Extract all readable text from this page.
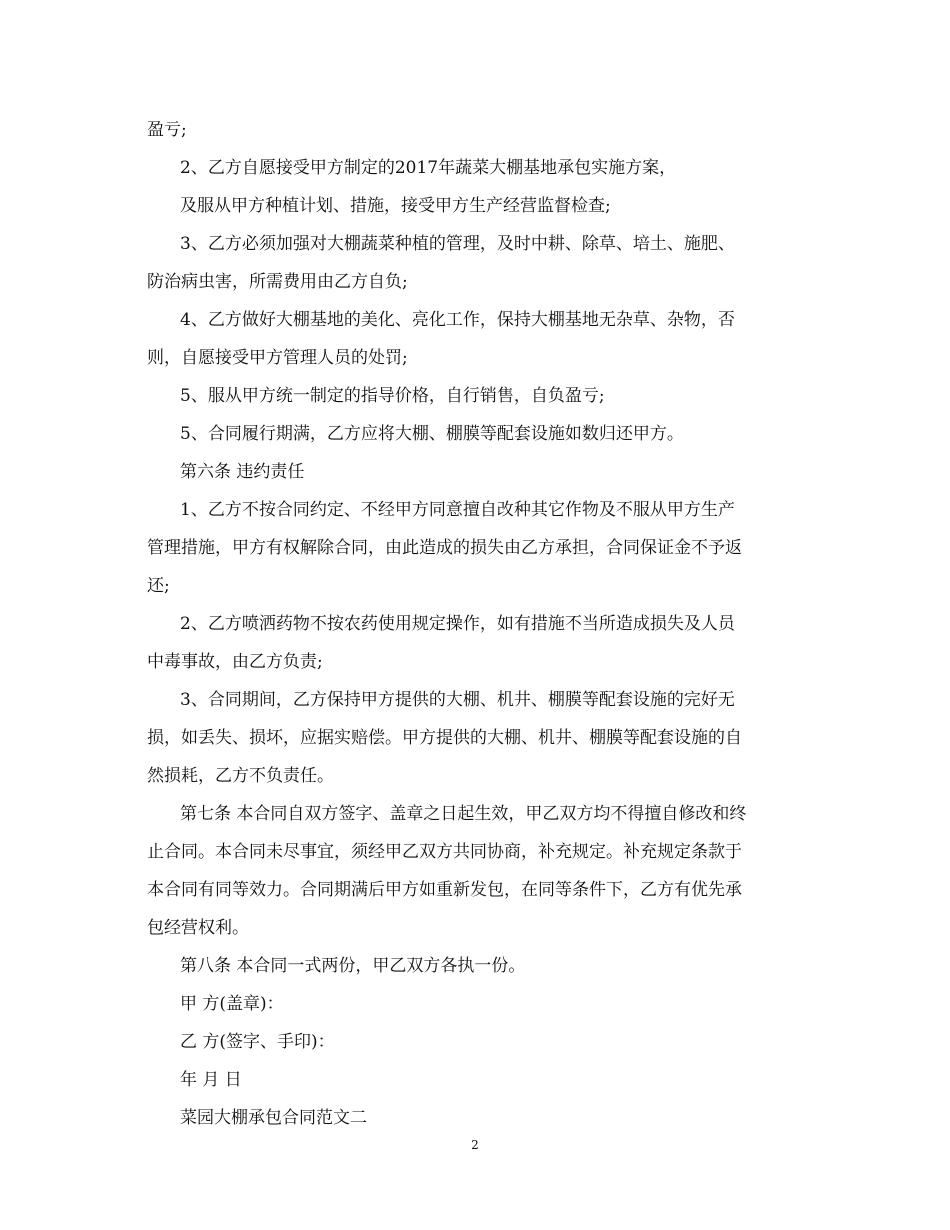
盈亏;
2、乙方自愿接受甲方制定的2017年蔬菜大棚基地承包实施方案，
及服从甲方种植计划、措施，接受甲方生产经营监督检查;
3、乙方必须加强对大棚蔬菜种植的管理，及时中耕、除草、培土、施肥、
防治病虫害，所需费用由乙方自负;
4、乙方做好大棚基地的美化、亮化工作，保持大棚基地无杂草、杂物，否
则，自愿接受甲方管理人员的处罚;
5、服从甲方统一制定的指导价格，自行销售，自负盈亏;
5、合同履行期满，乙方应将大棚、棚膜等配套设施如数归还甲方。
第六条 违约责任
1、乙方不按合同约定、不经甲方同意擅自改种其它作物及不服从甲方生产
管理措施，甲方有权解除合同，由此造成的损失由乙方承担，合同保证金不予返
还;
2、乙方喷洒药物不按农药使用规定操作，如有措施不当所造成损失及人员
中毒事故，由乙方负责;
3、合同期间，乙方保持甲方提供的大棚、机井、棚膜等配套设施的完好无
损，如丢失、损坏，应据实赔偿。甲方提供的大棚、机井、棚膜等配套设施的自
然损耗，乙方不负责任。
第七条 本合同自双方签字、盖章之日起生效，甲乙双方均不得擅自修改和终
止合同。本合同未尽事宜，须经甲乙双方共同协商，补充规定。补充规定条款于
本合同有同等效力。合同期满后甲方如重新发包，在同等条件下，乙方有优先承
包经营权利。
第八条 本合同一式两份，甲乙双方各执一份。
甲 方(盖章)：
乙 方(签字、手印)：
年 月 日
菜园大棚承包合同范文二
2
